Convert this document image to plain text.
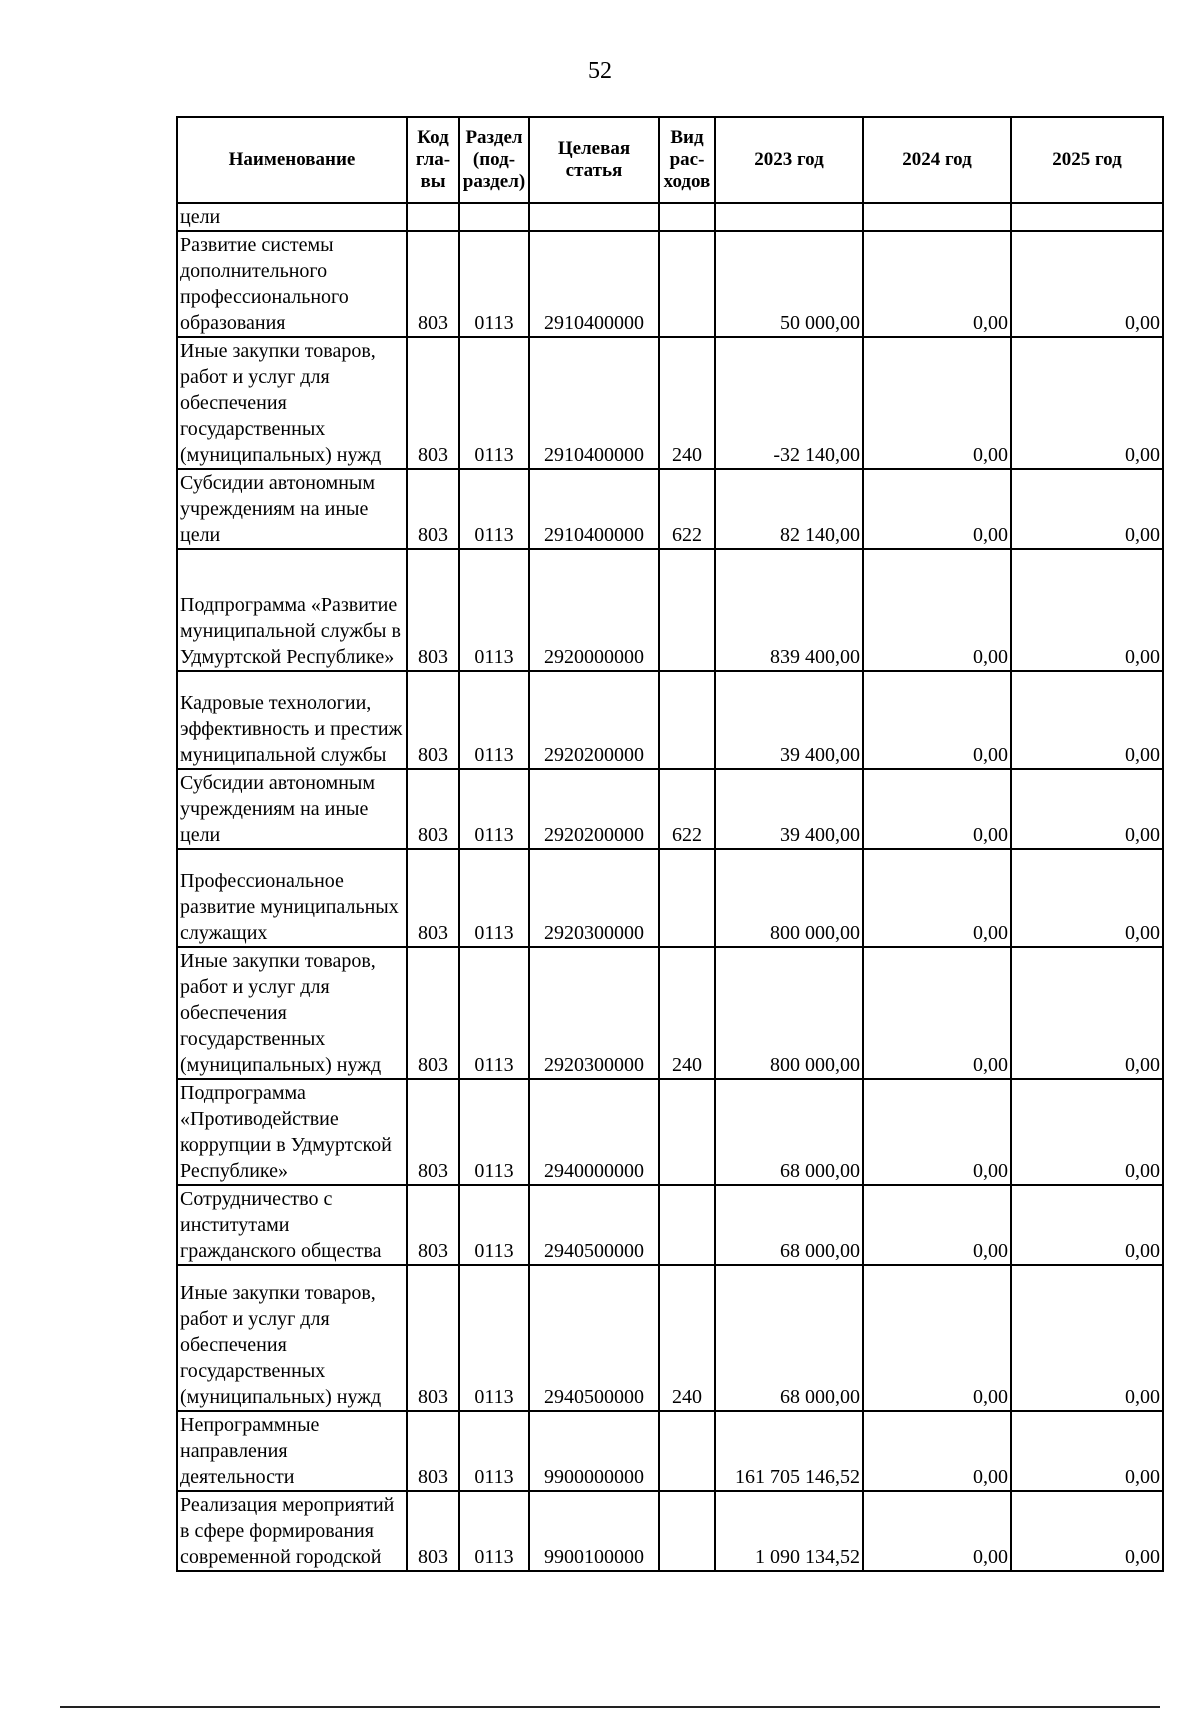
52
Наименование	Код гла-вы	Раздел (под-раздел)	Целевая статья	Вид рас-ходов	2023 год	2024 год	2025 год
цели							
Развитие системы дополнительного профессионального образования	803	0113	2910400000		50 000,00	0,00	0,00
Иные закупки товаров, работ и услуг для обеспечения государственных (муниципальных) нужд	803	0113	2910400000	240	-32 140,00	0,00	0,00
Субсидии автономным учреждениям на иные цели	803	0113	2910400000	622	82 140,00	0,00	0,00
Подпрограмма «Развитие муниципальной службы в Удмуртской Республике»	803	0113	2920000000		839 400,00	0,00	0,00
Кадровые технологии, эффективность и престиж муниципальной службы	803	0113	2920200000		39 400,00	0,00	0,00
Субсидии автономным учреждениям на иные цели	803	0113	2920200000	622	39 400,00	0,00	0,00
Профессиональное развитие муниципальных служащих	803	0113	2920300000		800 000,00	0,00	0,00
Иные закупки товаров, работ и услуг для обеспечения государственных (муниципальных) нужд	803	0113	2920300000	240	800 000,00	0,00	0,00
Подпрограмма «Противодействие коррупции в Удмуртской Республике»	803	0113	2940000000		68 000,00	0,00	0,00
Сотрудничество с институтами гражданского общества	803	0113	2940500000		68 000,00	0,00	0,00
Иные закупки товаров, работ и услуг для обеспечения государственных (муниципальных) нужд	803	0113	2940500000	240	68 000,00	0,00	0,00
Непрограммные направления деятельности	803	0113	9900000000		161 705 146,52	0,00	0,00
Реализация мероприятий в сфере формирования современной городской	803	0113	9900100000		1 090 134,52	0,00	0,00
